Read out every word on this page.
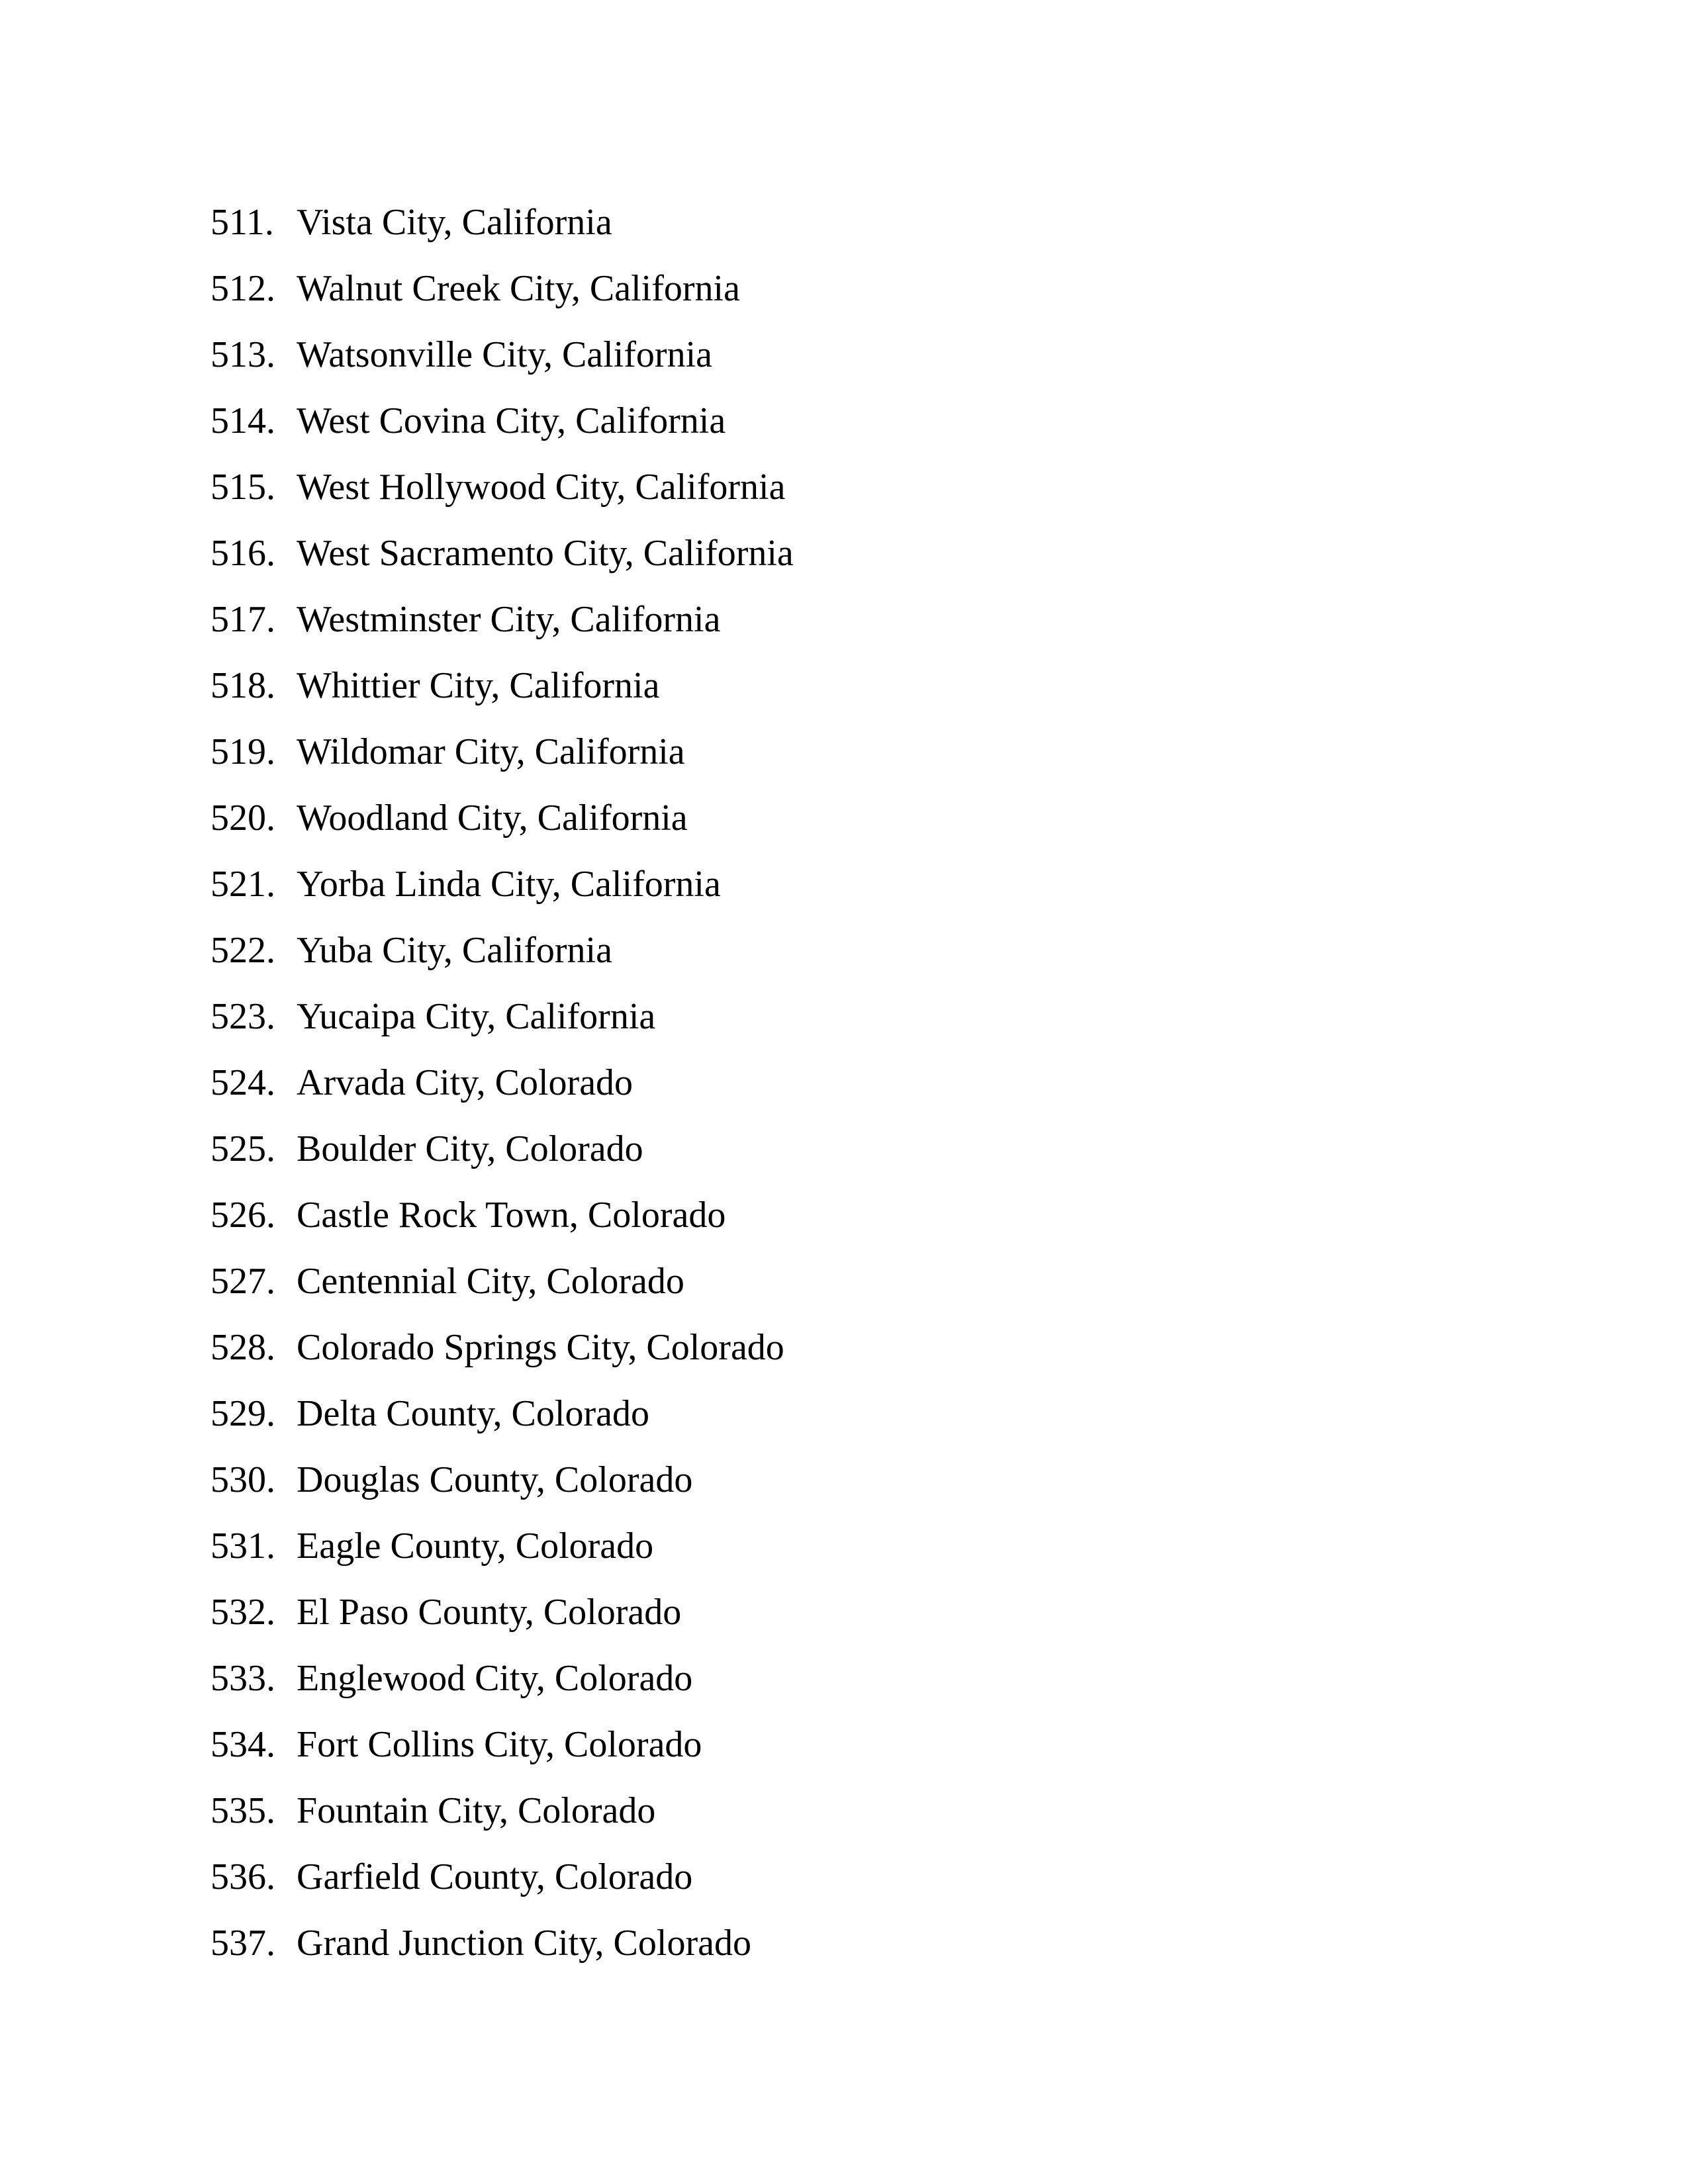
511. Vista City, California
512. Walnut Creek City, California
513. Watsonville City, California
514. West Covina City, California
515. West Hollywood City, California
516. West Sacramento City, California
517. Westminster City, California
518. Whittier City, California
519. Wildomar City, California
520. Woodland City, California
521. Yorba Linda City, California
522. Yuba City, California
523. Yucaipa City, California
524. Arvada City, Colorado
525. Boulder City, Colorado
526. Castle Rock Town, Colorado
527. Centennial City, Colorado
528. Colorado Springs City, Colorado
529. Delta County, Colorado
530. Douglas County, Colorado
531. Eagle County, Colorado
532. El Paso County, Colorado
533. Englewood City, Colorado
534. Fort Collins City, Colorado
535. Fountain City, Colorado
536. Garfield County, Colorado
537. Grand Junction City, Colorado
